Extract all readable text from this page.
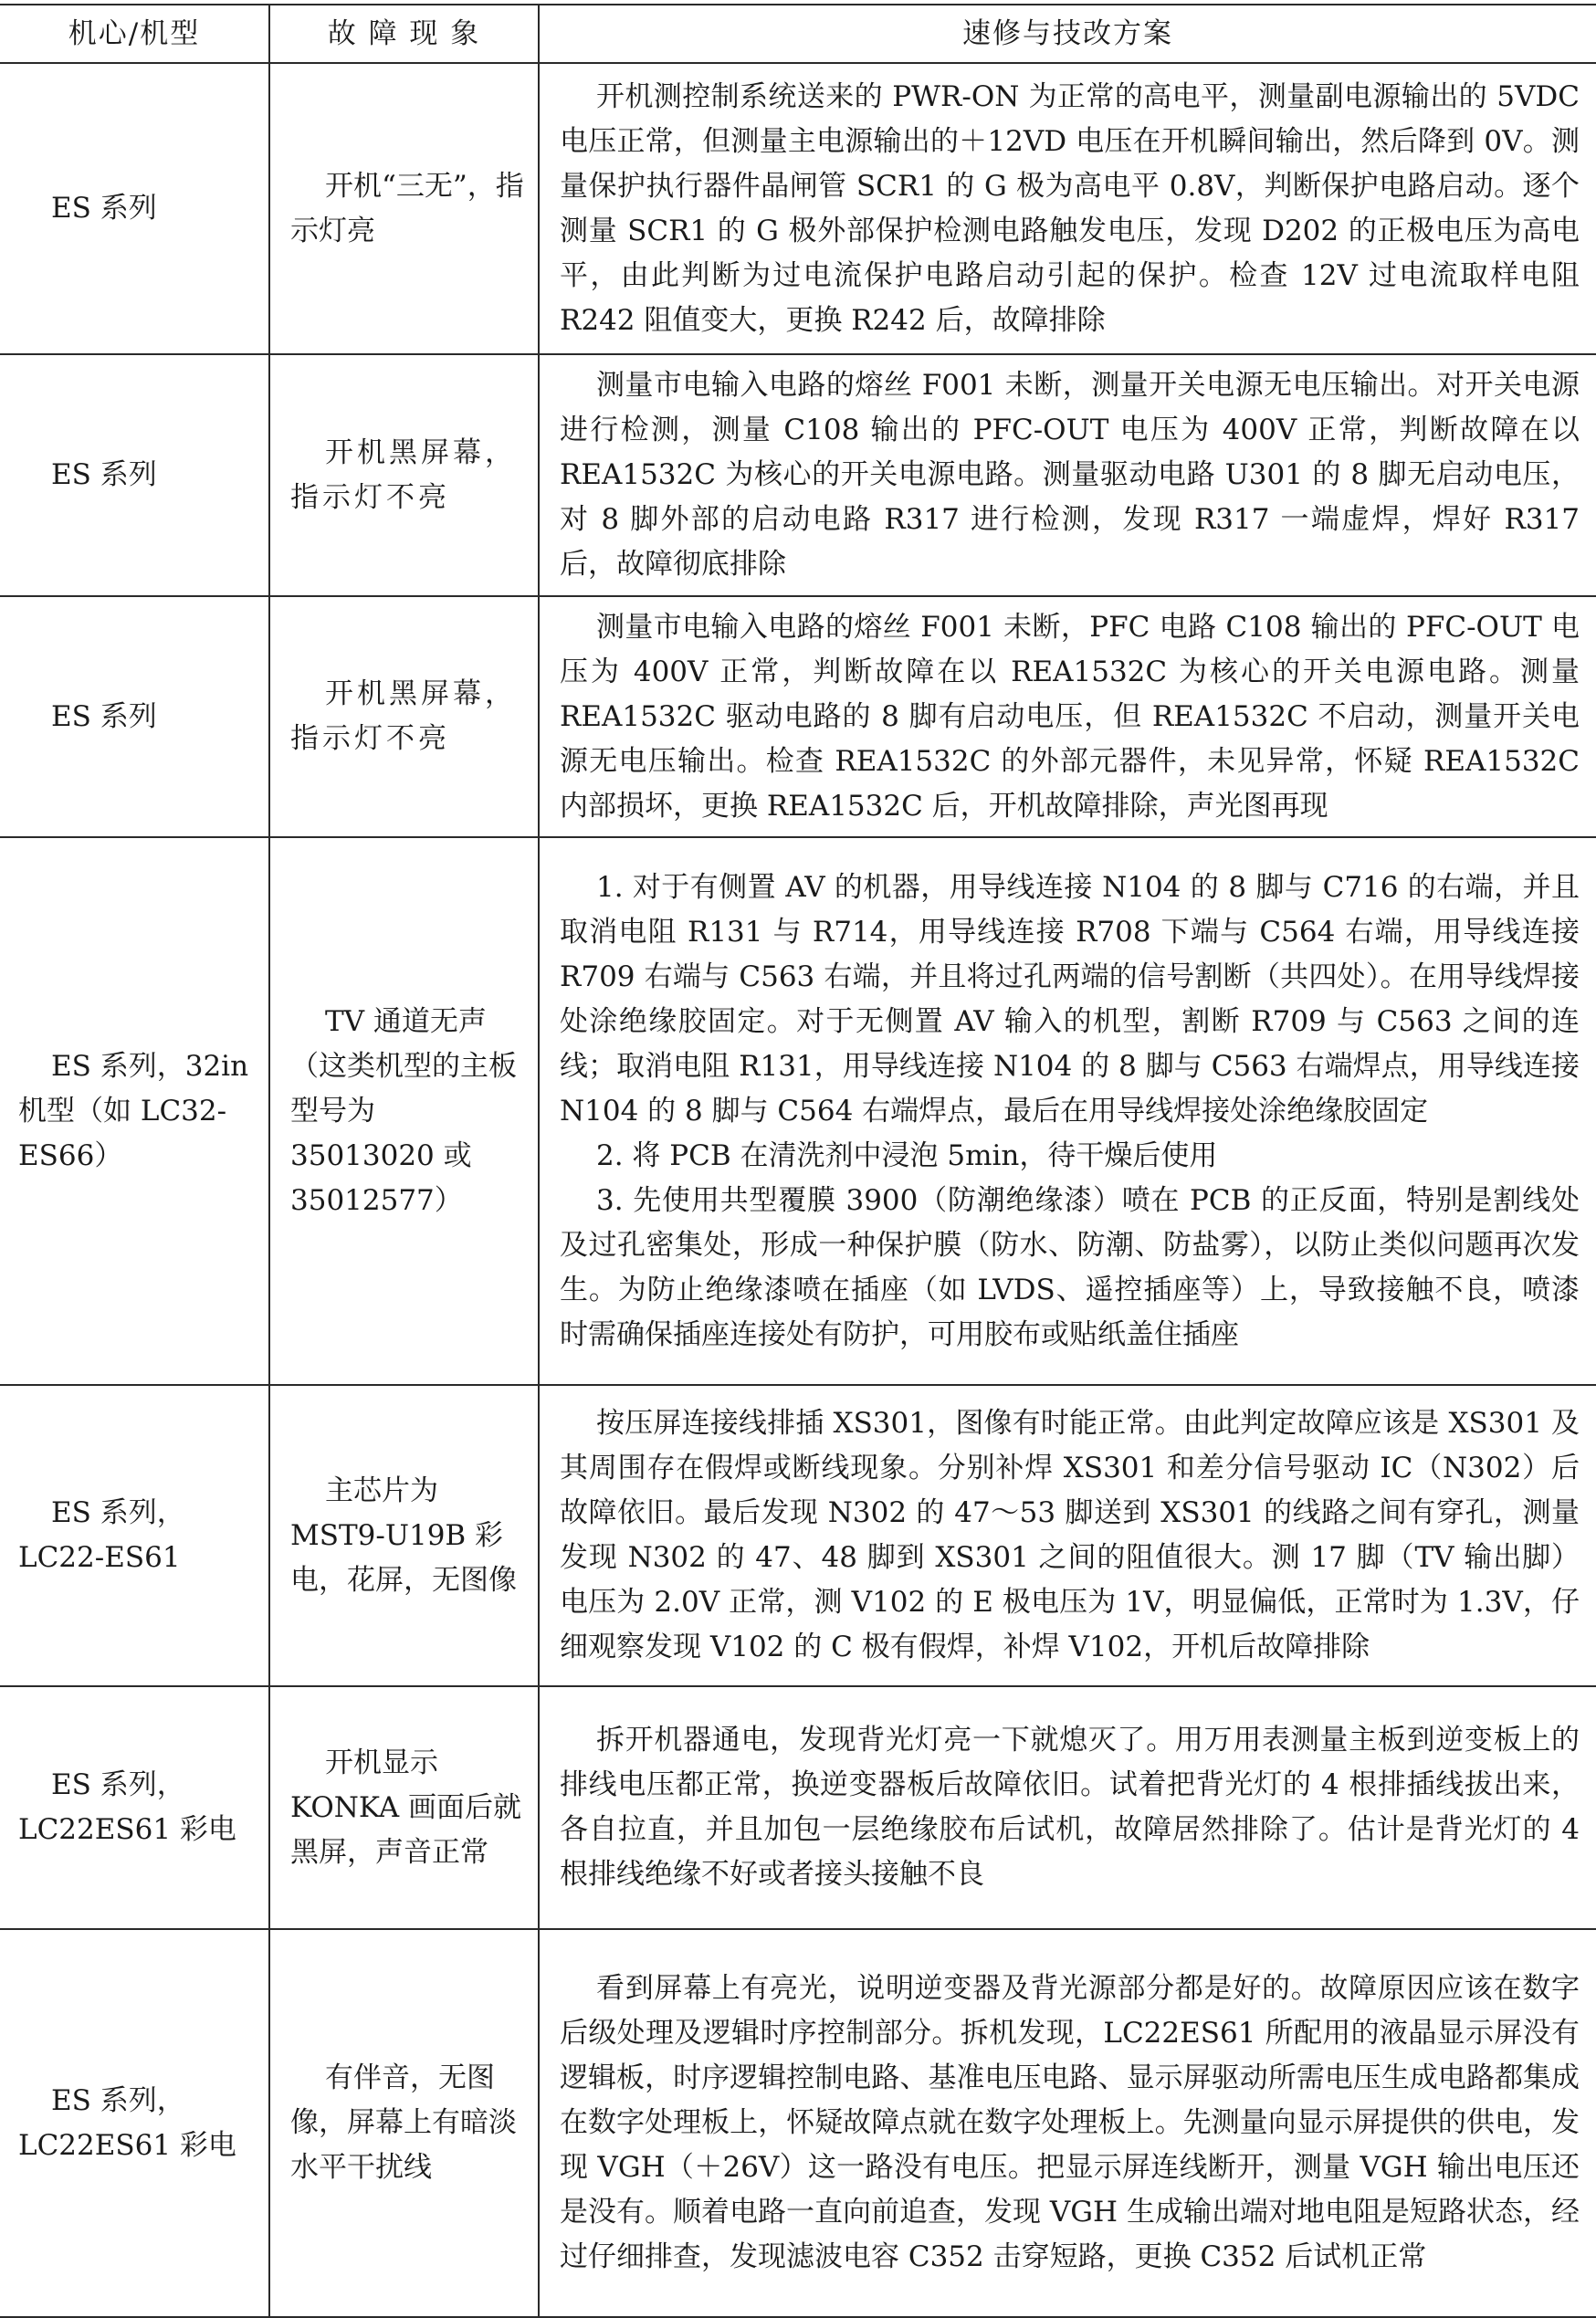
机心/机型	故 障 现 象	速修与技改方案

ES 系列	开机“三无”，指示灯亮	开机测控制系统送来的 PWR-ON 为正常的高电平，测量副电源输出的 5VDC 电压正常，但测量主电源输出的＋12VD 电压在开机瞬间输出，然后降到 0V。测量保护执行器件晶闸管 SCR1 的 G 极为高电平 0.8V，判断保护电路启动。逐个测量 SCR1 的 G 极外部保护检测电路触发电压，发现 D202 的正极电压为高电平，由此判断为过电流保护电路启动引起的保护。检查 12V 过电流取样电阻 R242 阻值变大，更换 R242 后，故障排除

ES 系列	开机黑屏幕，指示灯不亮	测量市电输入电路的熔丝 F001 未断，测量开关电源无电压输出。对开关电源进行检测，测量 C108 输出的 PFC-OUT 电压为 400V 正常，判断故障在以 REA1532C 为核心的开关电源电路。测量驱动电路 U301 的 8 脚无启动电压，对 8 脚外部的启动电路 R317 进行检测，发现 R317 一端虚焊，焊好 R317 后，故障彻底排除

ES 系列	开机黑屏幕，指示灯不亮	测量市电输入电路的熔丝 F001 未断，PFC 电路 C108 输出的 PFC-OUT 电压为 400V 正常，判断故障在以 REA1532C 为核心的开关电源电路。测量 REA1532C 驱动电路的 8 脚有启动电压，但 REA1532C 不启动，测量开关电源无电压输出。检查 REA1532C 的外部元器件，未见异常，怀疑 REA1532C 内部损坏，更换 REA1532C 后，开机故障排除，声光图再现

ES 系列，32in 机型（如 LC32-ES66）	TV 通道无声（这类机型的主板型号为 35013020 或 35012577）	1. 对于有侧置 AV 的机器，用导线连接 N104 的 8 脚与 C716 的右端，并且取消电阻 R131 与 R714，用导线连接 R708 下端与 C564 右端，用导线连接 R709 右端与 C563 右端，并且将过孔两端的信号割断（共四处）。在用导线焊接处涂绝缘胶固定。对于无侧置 AV 输入的机型，割断 R709 与 C563 之间的连线；取消电阻 R131，用导线连接 N104 的 8 脚与 C563 右端焊点，用导线连接 N104 的 8 脚与 C564 右端焊点，最后在用导线焊接处涂绝缘胶固定
2. 将 PCB 在清洗剂中浸泡 5min，待干燥后使用
3. 先使用共型覆膜 3900（防潮绝缘漆）喷在 PCB 的正反面，特别是割线处及过孔密集处，形成一种保护膜（防水、防潮、防盐雾），以防止类似问题再次发生。为防止绝缘漆喷在插座（如 LVDS、遥控插座等）上，导致接触不良，喷漆时需确保插座连接处有防护，可用胶布或贴纸盖住插座

ES 系列，LC22-ES61	主芯片为 MST9-U19B 彩电，花屏，无图像	按压屏连接线排插 XS301，图像有时能正常。由此判定故障应该是 XS301 及其周围存在假焊或断线现象。分别补焊 XS301 和差分信号驱动 IC（N302）后故障依旧。最后发现 N302 的 47～53 脚送到 XS301 的线路之间有穿孔，测量发现 N302 的 47、48 脚到 XS301 之间的阻值很大。测 17 脚（TV 输出脚）电压为 2.0V 正常，测 V102 的 E 极电压为 1V，明显偏低，正常时为 1.3V，仔细观察发现 V102 的 C 极有假焊，补焊 V102，开机后故障排除

ES 系列，LC22ES61 彩电	开机显示 KONKA 画面后就黑屏，声音正常	拆开机器通电，发现背光灯亮一下就熄灭了。用万用表测量主板到逆变板上的排线电压都正常，换逆变器板后故障依旧。试着把背光灯的 4 根排插线拔出来，各自拉直，并且加包一层绝缘胶布后试机，故障居然排除了。估计是背光灯的 4 根排线绝缘不好或者接头接触不良

ES 系列，LC22ES61 彩电	有伴音，无图像，屏幕上有暗淡水平干扰线	看到屏幕上有亮光，说明逆变器及背光源部分都是好的。故障原因应该在数字后级处理及逻辑时序控制部分。拆机发现，LC22ES61 所配用的液晶显示屏没有逻辑板，时序逻辑控制电路、基准电压电路、显示屏驱动所需电压生成电路都集成在数字处理板上，怀疑故障点就在数字处理板上。先测量向显示屏提供的供电，发现 VGH（＋26V）这一路没有电压。把显示屏连线断开，测量 VGH 输出电压还是没有。顺着电路一直向前追查，发现 VGH 生成输出端对地电阻是短路状态，经过仔细排查，发现滤波电容 C352 击穿短路，更换 C352 后试机正常
